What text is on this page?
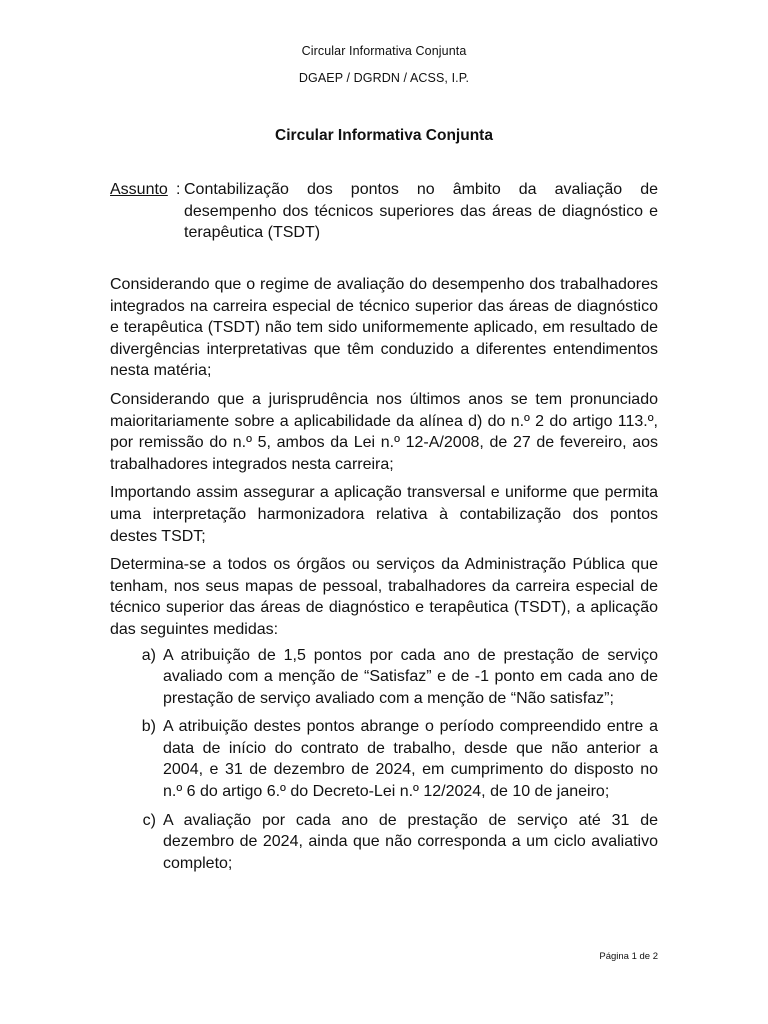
Circular Informativa Conjunta
DGAEP / DGRDN / ACSS, I.P.
Circular Informativa Conjunta
Assunto : Contabilização dos pontos no âmbito da avaliação de desempenho dos técnicos superiores das áreas de diagnóstico e terapêutica (TSDT)

Considerando que o regime de avaliação do desempenho dos trabalhadores integrados na carreira especial de técnico superior das áreas de diagnóstico e terapêutica (TSDT) não tem sido uniformemente aplicado, em resultado de divergências interpretativas que têm conduzido a diferentes entendimentos nesta matéria;

Considerando que a jurisprudência nos últimos anos se tem pronunciado maioritariamente sobre a aplicabilidade da alínea d) do n.º 2 do artigo 113.º, por remissão do n.º 5, ambos da Lei n.º 12-A/2008, de 27 de fevereiro, aos trabalhadores integrados nesta carreira;

Importando assim assegurar a aplicação transversal e uniforme que permita uma interpretação harmonizadora relativa à contabilização dos pontos destes TSDT;

Determina-se a todos os órgãos ou serviços da Administração Pública que tenham, nos seus mapas de pessoal, trabalhadores da carreira especial de técnico superior das áreas de diagnóstico e terapêutica (TSDT), a aplicação das seguintes medidas:

a) A atribuição de 1,5 pontos por cada ano de prestação de serviço avaliado com a menção de “Satisfaz” e de -1 ponto em cada ano de prestação de serviço avaliado com a menção de “Não satisfaz”;
b) A atribuição destes pontos abrange o período compreendido entre a data de início do contrato de trabalho, desde que não anterior a 2004, e 31 de dezembro de 2024, em cumprimento do disposto no n.º 6 do artigo 6.º do Decreto-Lei n.º 12/2024, de 10 de janeiro;
c) A avaliação por cada ano de prestação de serviço até 31 de dezembro de 2024, ainda que não corresponda a um ciclo avaliativo completo;
Página 1 de 2
